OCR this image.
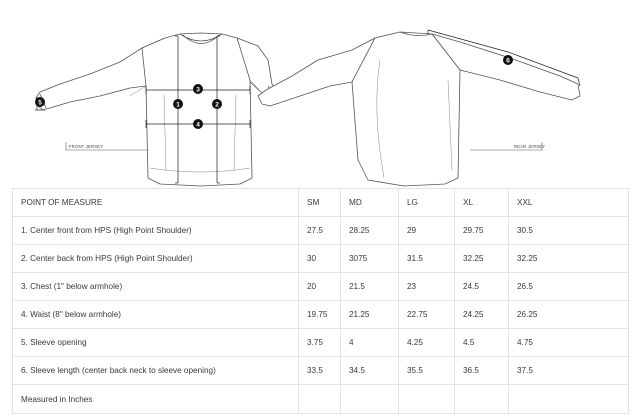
1	2
3
4
5
6
FRONT JERSEY	REAR JERSEY
POINT OF MEASURE	SM	MD	LG	XL	XXL
1. Center front from HPS (High Point Shoulder)	27.5	28.25	29	29.75	30.5
2. Center back from HPS (High Point Shoulder)	30	3075	31.5	32.25	32.25
3. Chest (1" below armhole)	20	21.5	23	24.5	26.5
4. Waist (8" below armhole)	19.75	21.25	22.75	24.25	26.25
5. Sleeve opening	3.75	4	4.25	4.5	4.75
6. Sleeve length (center back neck to sleeve opening)	33.5	34.5	35.5	36.5	37.5
Measured in Inches					
